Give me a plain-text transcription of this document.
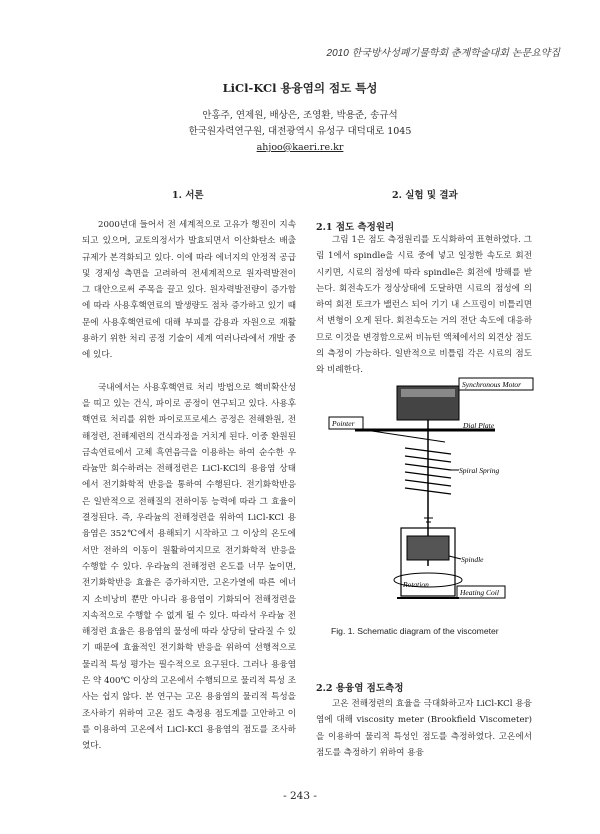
2010 한국방사성폐기물학회 춘계학술대회 논문요약집
LiCl-KCl 용융염의 점도 특성
안홍주, 연제원, 배상은, 조영환, 박용준, 송규석
한국원자력연구원, 대전광역시 유성구 대덕대로 1045
ahjoo@kaeri.re.kr
1. 서론	2. 실험 및 결과

2000년대 들어서 전 세계적으로 고유가 행진이 지속되고 있으며, 교토의정서가 발효되면서 이산화탄소 배출규제가 본격화되고 있다. 이에 따라 에너지의 안정적 공급 및 경제성 측면을 고려하여 전세계적으로 원자력발전이 그 대안으로써 주목을 끌고 있다. 원자력발전량이 증가함에 따라 사용후핵연료의 발생량도 점차 증가하고 있기 때문에 사용후핵연료에 대해 부피를 감용과 자원으로 재활용하기 위한 처리 공정 기술이 세계 여러나라에서 개발 중에 있다.

국내에서는 사용후핵연료 처리 방법으로 핵비확산성을 띠고 있는 건식, 파이로 공정이 연구되고 있다. 사용후핵연료 처리를 위한 파이로프로세스 공정은 전해환원, 전해정련, 전해제련의 건식과정을 거치게 된다. 이중 환원된 금속연료에서 고체 흑연음극을 이용하는 하여 순수한 우라늄만 회수하려는 전해정련은 LiCl-KCl의 용융염 상태에서 전기화학적 반응을 통하여 수행된다. 전기화학반응은 일반적으로 전해질의 전하이동 능력에 따라 그 효율이 결정된다. 즉, 우라늄의 전해정련을 위하여 LiCl-KCl 용융염은 352℃에서 용해되기 시작하고 그 이상의 온도에서만 전하의 이동이 원활하여지므로 전기화학적 반응을 수행할 수 있다. 우라늄의 전해정련 온도를 너무 높이면, 전기화학반응 효율은 증가하지만, 고온가열에 따른 에너지 소비낭비 뿐만 아니라 용융염이 기화되어 전해정련을 지속적으로 수행할 수 없게 될 수 있다. 따라서 우라늄 전해정련 효율은 용융염의 물성에 따라 상당히 달라질 수 있기 때문에 효율적인 전기화학 반응을 위하여 선행적으로 물리적 특성 평가는 필수적으로 요구된다. 그러나 용융염은 약 400℃ 이상의 고온에서 수행되므로 물리적 특성 조사는 쉽지 않다. 본 연구는 고온 용융염의 물리적 특성을 조사하기 위하여 고온 점도 측정용 점도계를 고안하고 이를 이용하여 고온에서 LiCl-KCl 용융염의 점도를 조사하였다.

2.1 점도 측정원리

그림 1은 점도 측정원리를 도식화하여 표현하였다. 그림 1에서 spindle을 시료 중에 넣고 일정한 속도로 회전시키면, 시료의 점성에 따라 spindle은 회전에 방해를 받는다. 회전속도가 정상상태에 도달하면 시료의 점성에 의하여 회전 토크가 밸런스 되어 기기 내 스프링이 비틀리면서 변형이 오게 된다. 회전속도는 거의 전단 속도에 대응하므로 이것을 변경함으로써 비뉴턴 액체에서의 외견상 점도의 측정이 가능하다. 일반적으로 비틀림 각은 시료의 점도와 비례한다.

Synchronous Motor
Pointer	Dial Plate
Spiral Spring
Spindle
Rotation
Heating Coil
Fig. 1. Schematic diagram of the viscometer
2.2 용융염 점도측정

고온 전해정련의 효율을 극대화하고자 LiCl-KCl 용융염에 대해 viscosity meter (Brookfield Viscometer)을 이용하여 물리적 특성인 점도를 측정하였다. 고온에서 점도를 측정하기 위하여 용융

- 243 -
